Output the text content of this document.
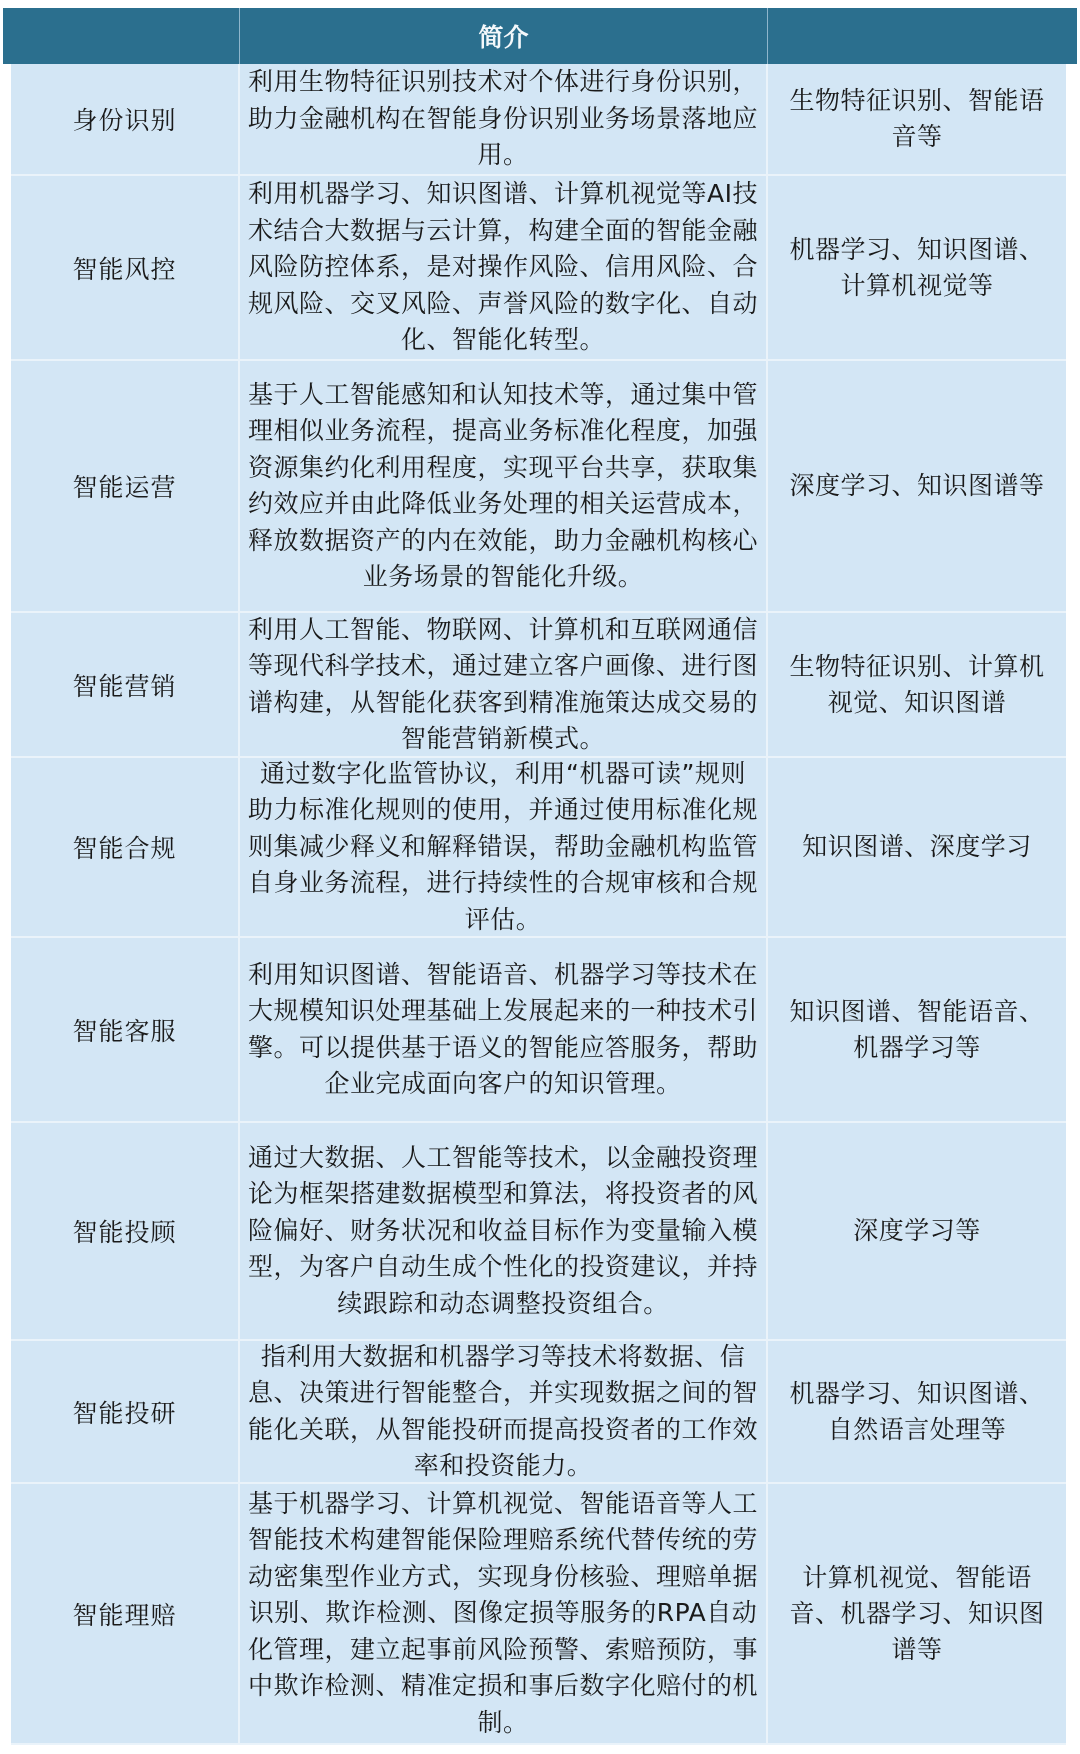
简介
身份识别
利用生物特征识别技术对个体进行身份识别，助力金融机构在智能身份识别业务场景落地应用。
生物特征识别、智能语音等
智能风控
利用机器学习、知识图谱、计算机视觉等AI技术结合大数据与云计算，构建全面的智能金融风险防控体系，是对操作风险、信用风险、合规风险、交叉风险、声誉风险的数字化、自动化、智能化转型。
机器学习、知识图谱、计算机视觉等
智能运营
基于人工智能感知和认知技术等，通过集中管理相似业务流程，提高业务标准化程度，加强资源集约化利用程度，实现平台共享，获取集约效应并由此降低业务处理的相关运营成本，释放数据资产的内在效能，助力金融机构核心业务场景的智能化升级。
深度学习、知识图谱等
智能营销
利用人工智能、物联网、计算机和互联网通信等现代科学技术，通过建立客户画像、进行图谱构建，从智能化获客到精准施策达成交易的智能营销新模式。
生物特征识别、计算机视觉、知识图谱
智能合规
通过数字化监管协议，利用“机器可读”规则助力标准化规则的使用，并通过使用标准化规则集减少释义和解释错误，帮助金融机构监管自身业务流程，进行持续性的合规审核和合规评估。
知识图谱、深度学习
智能客服
利用知识图谱、智能语音、机器学习等技术在大规模知识处理基础上发展起来的一种技术引擎。可以提供基于语义的智能应答服务，帮助企业完成面向客户的知识管理。
知识图谱、智能语音、机器学习等
智能投顾
通过大数据、人工智能等技术，以金融投资理论为框架搭建数据模型和算法，将投资者的风险偏好、财务状况和收益目标作为变量输入模型，为客户自动生成个性化的投资建议，并持续跟踪和动态调整投资组合。
深度学习等
智能投研
指利用大数据和机器学习等技术将数据、信息、决策进行智能整合，并实现数据之间的智能化关联，从智能投研而提高投资者的工作效率和投资能力。
机器学习、知识图谱、自然语言处理等
智能理赔
基于机器学习、计算机视觉、智能语音等人工智能技术构建智能保险理赔系统代替传统的劳动密集型作业方式，实现身份核验、理赔单据识别、欺诈检测、图像定损等服务的RPA自动化管理，建立起事前风险预警、索赔预防，事中欺诈检测、精准定损和事后数字化赔付的机制。
计算机视觉、智能语音、机器学习、知识图谱等
